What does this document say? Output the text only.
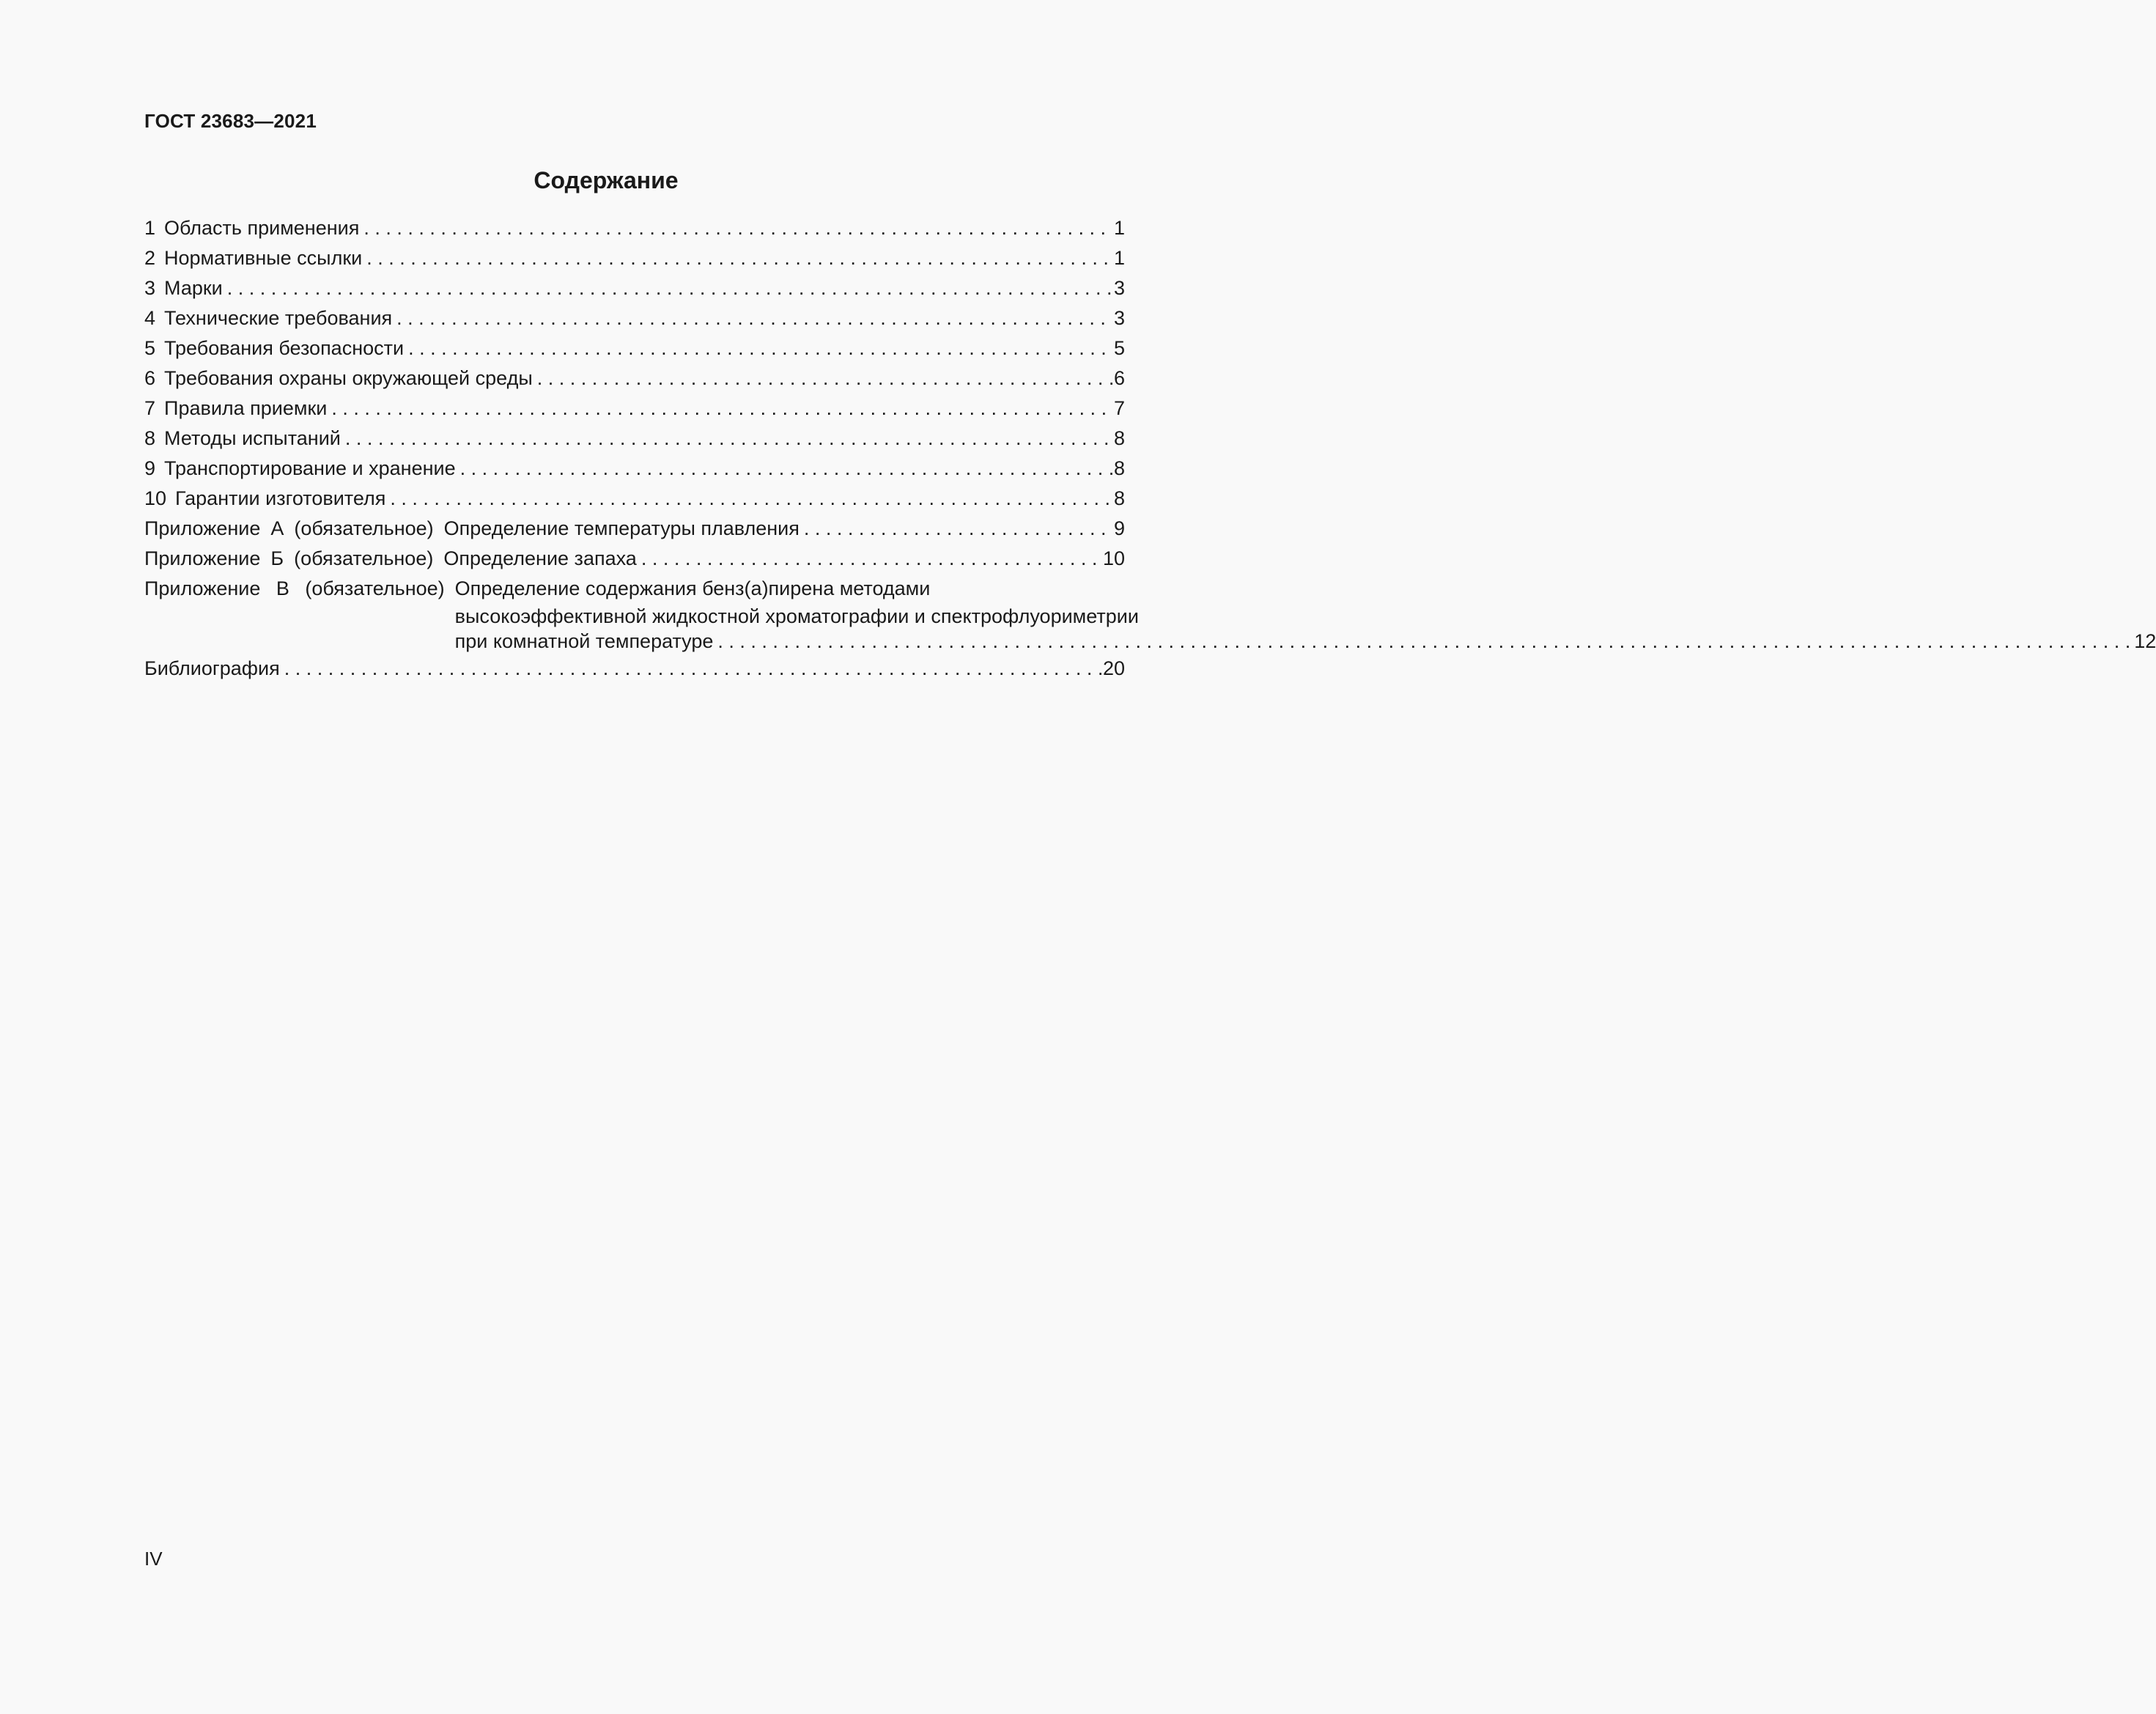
ГОСТ 23683—2021
Содержание
1 Область применения . . .	1
2 Нормативные ссылки . . .	1
3 Марки . . .	3
4 Технические требования . . .	3
5 Требования безопасности . . .	5
6 Требования охраны окружающей среды . . .	6
7 Правила приемки . . .	7
8 Методы испытаний . . .	8
9 Транспортирование и хранение . . .	8
10 Гарантии изготовителя . . .	8
Приложение А (обязательное) Определение температуры плавления . . .	9
Приложение Б (обязательное) Определение запаха . . .	10
Приложение В (обязательное) Определение содержания бенз(а)пирена методами
высокоэффективной жидкостной хроматографии и спектрофлуориметрии
при комнатной температуре . . .	12
Библиография . . .	20
IV
